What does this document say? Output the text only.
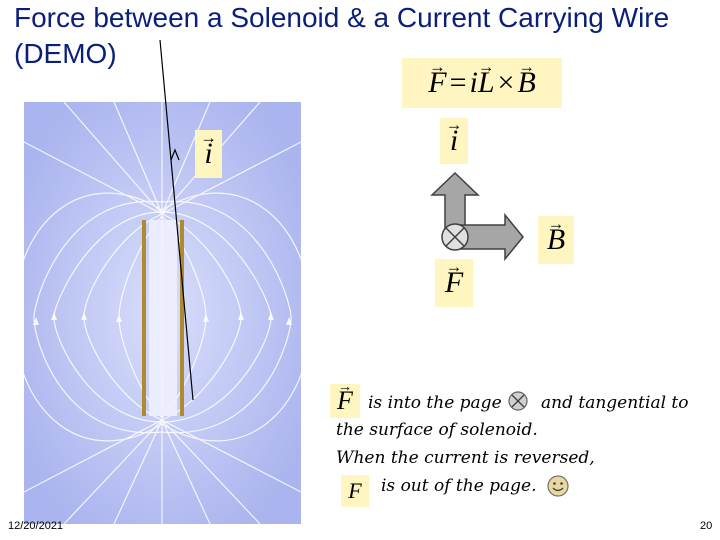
Force between a Solenoid & a Current Carrying Wire (DEMO)
→ F = i → L × → B
→ i	→ i
→ B
→ F
→ F is into the page and tangential to
the surface of solenoid.
When the current is reversed,
F is out of the page.
12/20/2021	20
